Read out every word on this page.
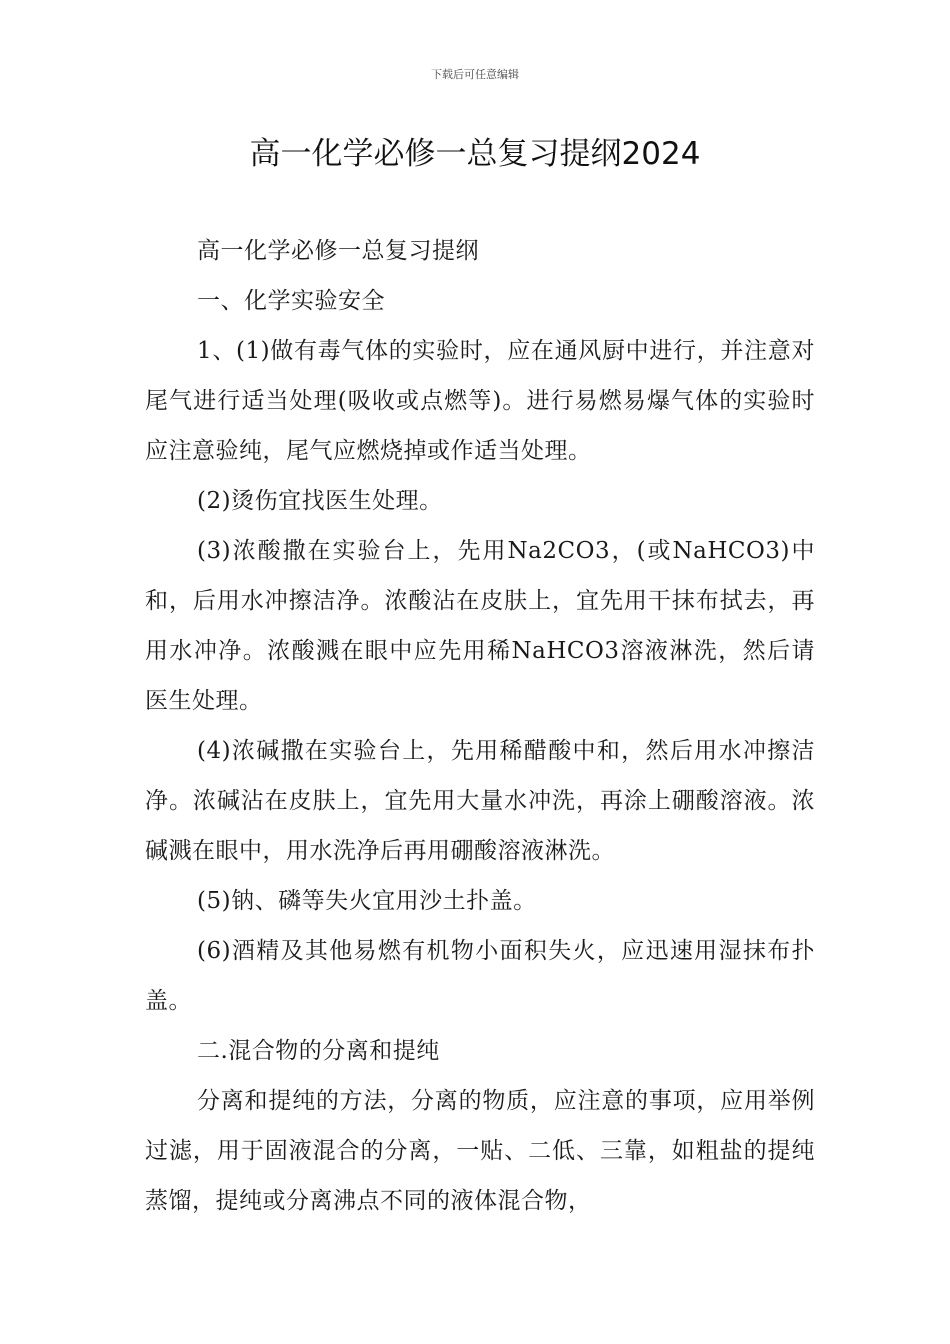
下载后可任意编辑
高一化学必修一总复习提纲2024

高一化学必修一总复习提纲

一、化学实验安全

1、(1)做有毒气体的实验时，应在通风厨中进行，并注意对尾气进行适当处理(吸收或点燃等)。进行易燃易爆气体的实验时应注意验纯，尾气应燃烧掉或作适当处理。

(2)烫伤宜找医生处理。

(3)浓酸撒在实验台上，先用Na2CO3，(或NaHCO3)中和，后用水冲擦洁净。浓酸沾在皮肤上，宜先用干抹布拭去，再用水冲净。浓酸溅在眼中应先用稀NaHCO3溶液淋洗，然后请医生处理。

(4)浓碱撒在实验台上，先用稀醋酸中和，然后用水冲擦洁净。浓碱沾在皮肤上，宜先用大量水冲洗，再涂上硼酸溶液。浓碱溅在眼中，用水洗净后再用硼酸溶液淋洗。

(5)钠、磷等失火宜用沙土扑盖。

(6)酒精及其他易燃有机物小面积失火，应迅速用湿抹布扑盖。

二.混合物的分离和提纯

分离和提纯的方法，分离的物质，应注意的事项，应用举例过滤，用于固液混合的分离，一贴、二低、三靠，如粗盐的提纯蒸馏，提纯或分离沸点不同的液体混合物，
